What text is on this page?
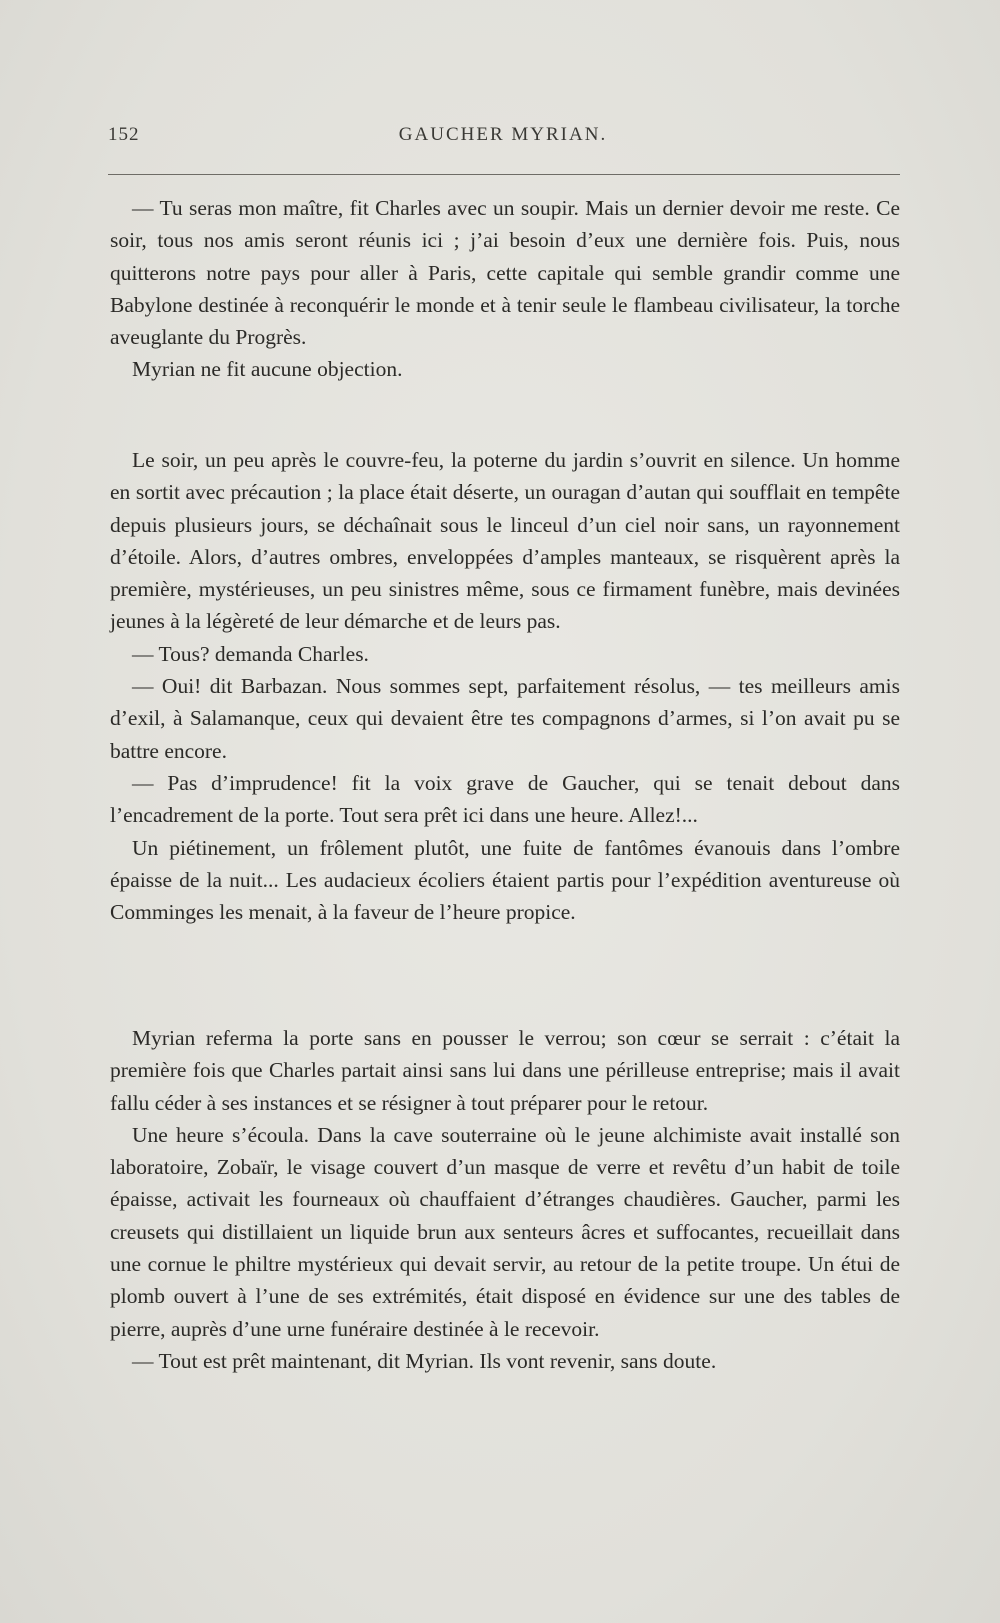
152	GAUCHER MYRIAN.

— Tu seras mon maître, fit Charles avec un soupir. Mais un dernier devoir me reste. Ce soir, tous nos amis seront réunis ici ; j’ai besoin d’eux une dernière fois. Puis, nous quitterons notre pays pour aller à Paris, cette capitale qui semble grandir comme une Babylone destinée à reconquérir le monde et à tenir seule le flambeau civilisateur, la torche aveuglante du Progrès.

Myrian ne fit aucune objection.

Le soir, un peu après le couvre-feu, la poterne du jardin s’ouvrit en silence. Un homme en sortit avec précaution ; la place était déserte, un ouragan d’autan qui soufflait en tempête depuis plusieurs jours, se déchaînait sous le linceul d’un ciel noir sans, un rayonnement d’étoile. Alors, d’autres ombres, enveloppées d’amples manteaux, se risquèrent après la première, mystérieuses, un peu sinistres même, sous ce firmament funèbre, mais devinées jeunes à la légèreté de leur démarche et de leurs pas.

— Tous? demanda Charles.

— Oui! dit Barbazan. Nous sommes sept, parfaitement résolus, — tes meilleurs amis d’exil, à Salamanque, ceux qui devaient être tes compagnons d’armes, si l’on avait pu se battre encore.

— Pas d’imprudence! fit la voix grave de Gaucher, qui se tenait debout dans l’encadrement de la porte. Tout sera prêt ici dans une heure. Allez!...

Un piétinement, un frôlement plutôt, une fuite de fantômes évanouis dans l’ombre épaisse de la nuit... Les audacieux écoliers étaient partis pour l’expédition aventureuse où Comminges les menait, à la faveur de l’heure propice.

Myrian referma la porte sans en pousser le verrou; son cœur se serrait : c’était la première fois que Charles partait ainsi sans lui dans une périlleuse entreprise; mais il avait fallu céder à ses instances et se résigner à tout préparer pour le retour.

Une heure s’écoula. Dans la cave souterraine où le jeune alchimiste avait installé son laboratoire, Zobaïr, le visage couvert d’un masque de verre et revêtu d’un habit de toile épaisse, activait les fourneaux où chauffaient d’étranges chaudières. Gaucher, parmi les creusets qui distillaient un liquide brun aux senteurs âcres et suffocantes, recueillait dans une cornue le philtre mystérieux qui devait servir, au retour de la petite troupe. Un étui de plomb ouvert à l’une de ses extrémités, était disposé en évidence sur une des tables de pierre, auprès d’une urne funéraire destinée à le recevoir.

— Tout est prêt maintenant, dit Myrian. Ils vont revenir, sans doute.
